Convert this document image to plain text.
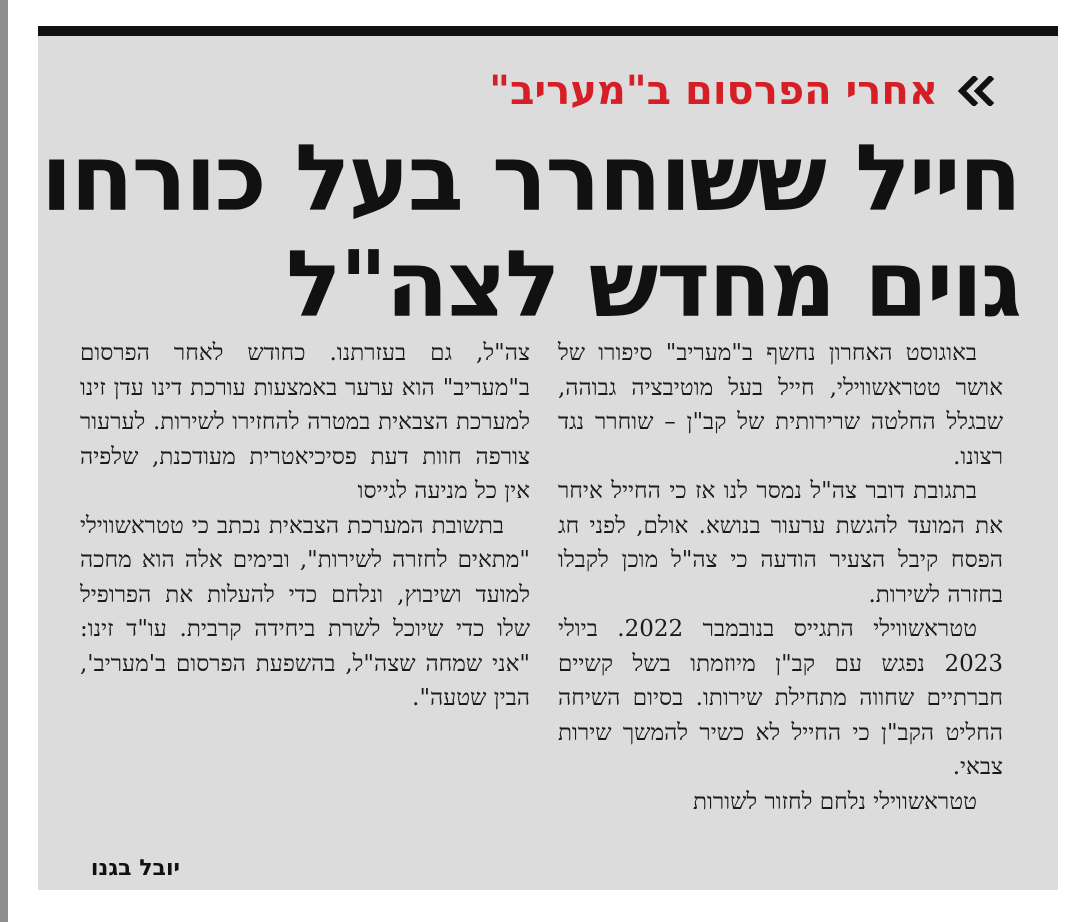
אחרי הפרסום ב"מעריב"
חייל ששוחרר בעל כורחו
גוים מחדש לצה"ל

באוגוסט האחרון נחשף ב"מעריב" סיפורו של אושר טטראשווילי, חייל בעל מוטיבציה גבוהה, שבגלל החלטה שרירותית של קב"ן – שוחרר נגד רצונו.

בתגובת דובר צה"ל נמסר לנו אז כי החייל איחר את המועד להגשת ערעור בנושא. אולם, לפני חג הפסח קיבל הצעיר הודעה כי צה"ל מוכן לקבלו בחזרה לשירות.

טטראשווילי התגייס בנובמבר 2022. ביולי 2023 נפגש עם קב"ן מיוזמתו בשל קשיים חברתיים שחווה מתחילת שירותו. בסיום השיחה החליט הקב"ן כי החייל לא כשיר להמשך שירות צבאי.

טטראשווילי נלחם לחזור לשורות

צה"ל, גם בעזרתנו. כחודש לאחר הפרסום ב"מעריב" הוא ערער באמצעות עורכת דינו עדן זינו למערכת הצבאית במטרה להחזירו לשירות. לערעור צורפה חוות דעת פסיכיאטרית מעודכנת, שלפיה אין כל מניעה לגייסו

בתשובת המערכת הצבאית נכתב כי טטראשווילי "מתאים לחזרה לשירות", ובימים אלה הוא מחכה למועד ושיבוץ, ונלחם כדי להעלות את הפרופיל שלו כדי שיוכל לשרת ביחידה קרבית. עו"ד זינו: "אני שמחה שצה"ל, בהשפעת הפרסום ב'מעריב', הבין שטעה".

יובל בגנו
